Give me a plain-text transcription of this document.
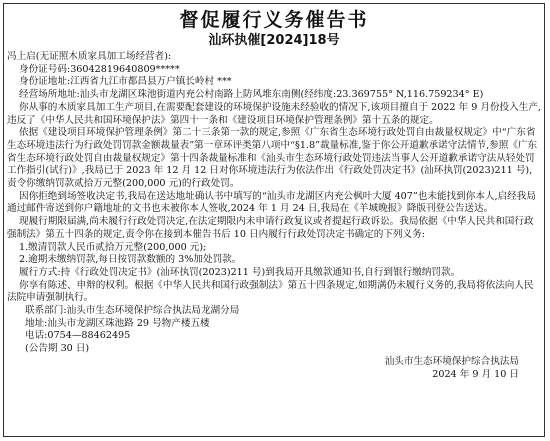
督促履行义务催告书
汕环执催[2024]18号

冯上启(无证照木质家具加工场经营者):

身份证号码:36042819640809*****

身份证地址:江西省九江市都昌县万户镇长岭村 ***

经营场所地址:汕头市龙湖区珠池街道内充公村南路上防风堆东南侧(经纬度:23.369755° N,116.759234° E)

你从事的木质家具加工生产项目,在需要配套建设的环境保护设施未经验收的情况下,该项目擅自于 2022 年 9 月份投入生产,违反了《中华人民共和国环境保护法》第四十一条和《建设项目环境保护管理条例》第十五条的规定。

依据《建设项目环境保护管理条例》第二十三条第一款的规定,参照《广东省生态环境行政处罚自由裁量权规定》中“广东省生态环境违法行为行政处罚罚款金额裁量表”第一章环评类第八项中“§1.8”裁量标准,鉴于你公开道歉承诺守法情节,参照《广东省生态环境行政处罚自由裁量权规定》第十四条裁量标准和《汕头市生态环境行政处罚违法当事人公开道歉承诺守法从轻处罚工作指引(试行)》,我局已于 2023 年 12 月 12 日对你环境违法行为依法作出《行政处罚决定书》(汕环执罚(2023)211 号),责令你缴纳罚款贰拾万元整(200,000 元)的行政处罚。

因你拒绝到场签收决定书,我局在送达地址确认书中填写的“汕头市龙湖区内充公枫叶大厦 407”也未能找到你本人,启经我局通过邮件寄送到你户籍地址的文书也未被你本人签收,2024 年 1 月 24 日,我局在《羊城晚报》降版刊登公告送达。

现履行期限届满,尚未履行行政处罚决定,在法定期限内未申请行政复议或者提起行政诉讼。我局依据《中华人民共和国行政强制法》第五十四条的规定,责令你在接到本催告书后 10 日内履行行政处罚决定书确定的下列义务:

1.缴清罚款人民币贰拾万元整(200,000 元);

2.逾期未缴纳罚款,每日按罚款数额的 3%加处罚款。

履行方式:持《行政处罚决定书》(汕环执罚(2023)211 号)到我局开具缴款通知书,自行到银行缴纳罚款。

你享有陈述、申辩的权利。根据《中华人民共和国行政强制法》第五十四条规定,如期满仍未履行义务的,我局将依法向人民法院申请强制执行。

联系部门:汕头市生态环境保护综合执法局龙湖分局

地址:汕头市龙湖区珠池路 29 号物产楼五楼

电话:0754—88462495

(公告期 30 日)

汕头市生态环境保护综合执法局
2024 年 9 月 10 日
